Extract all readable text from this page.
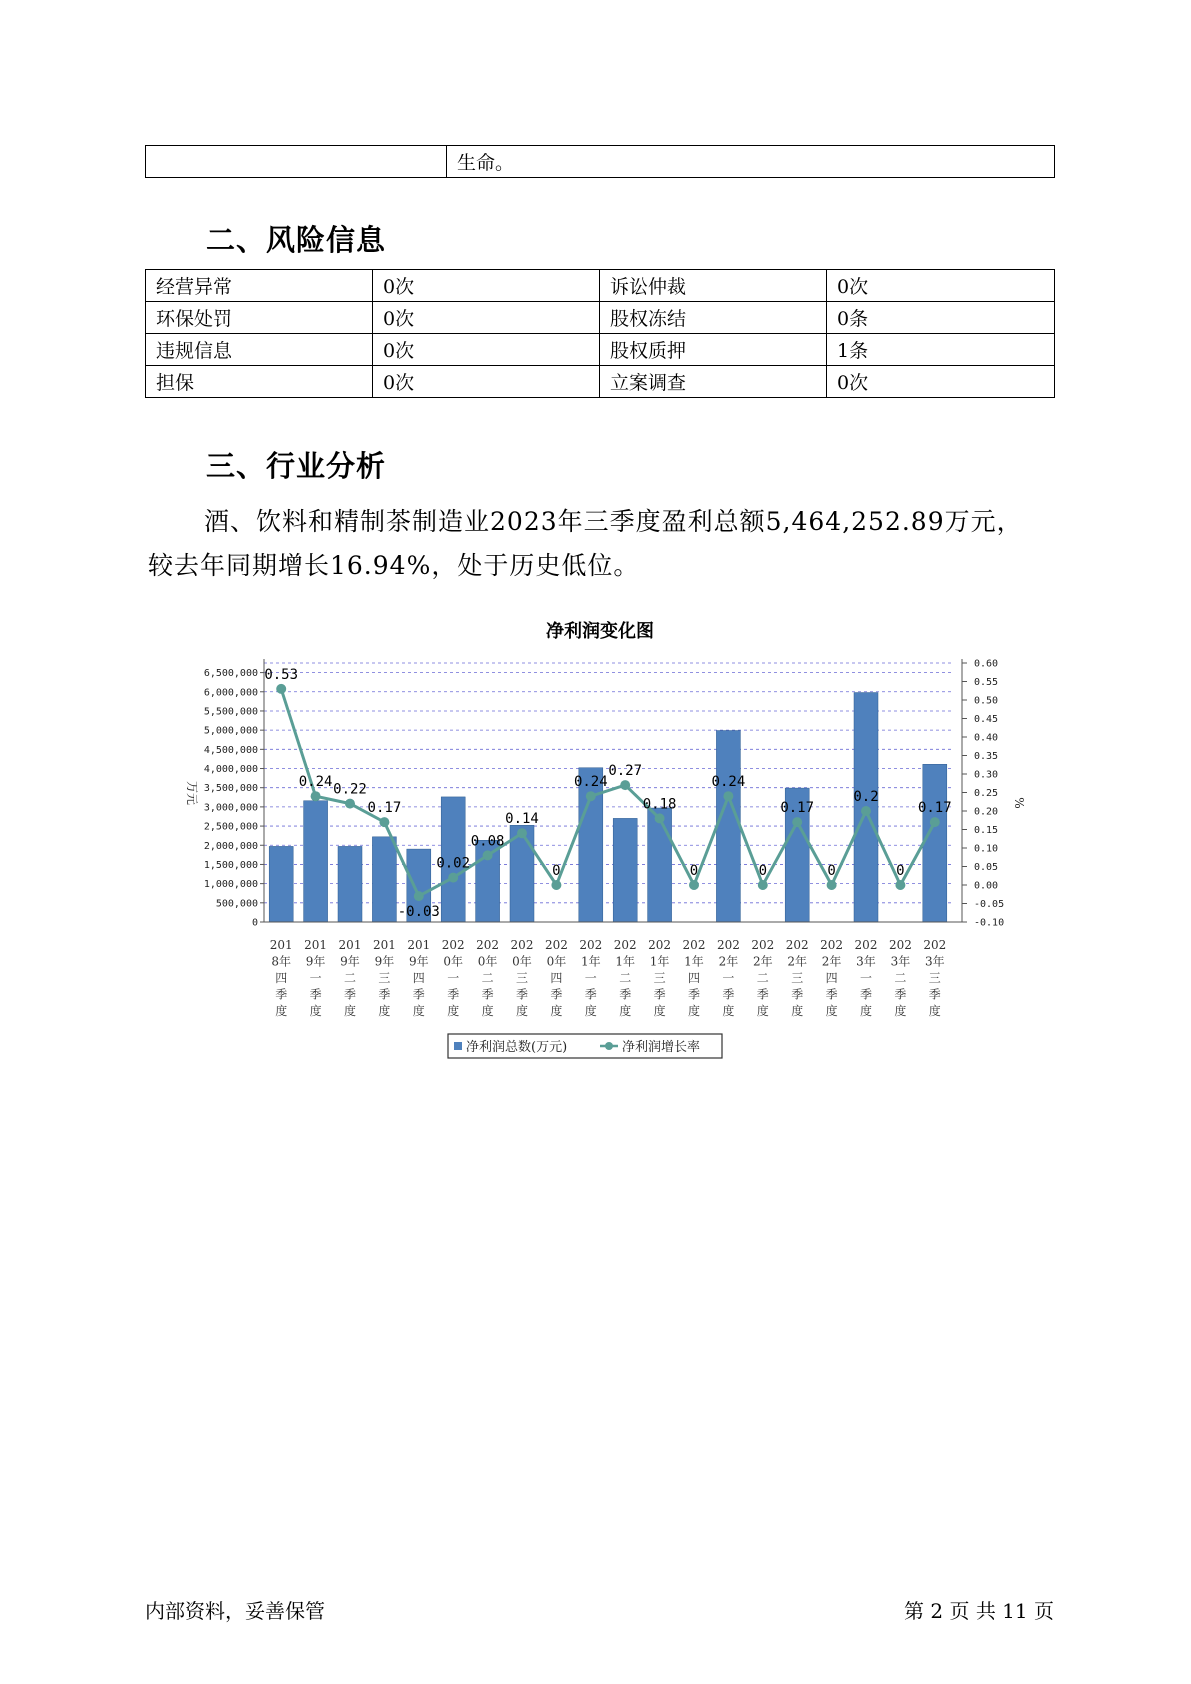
	生命。
二、风险信息
经营异常	0次	诉讼仲裁	0次
环保处罚	0次	股权冻结	0条
违规信息	0次	股权质押	1条
担保	0次	立案调查	0次
三、行业分析

酒、饮料和精制茶制造业2023年三季度盈利总额5,464,252.89万元，

较去年同期增长16.94%，处于历史低位。

净利润变化图
0
500,000
1,000,000
1,500,000
2,000,000
2,500,000
3,000,000
3,500,000
4,000,000
4,500,000
5,000,000
5,500,000
6,000,000
6,500,000
-0.10
-0.05
0.00
0.05
0.10
0.15
0.20
0.25
0.30
0.35
0.40
0.45
0.50
0.55
0.60
万元	%
0.53
0.24 0.22
0.17
-0.03
0.02
0.08
0.14
0
0.24
0.27
0.18
0
0.24
0
0.17
0
0.2
0
0.17
201 8年四季度
201 9年一季度
201 9年二季度
201 9年三季度
201 9年四季度
202 0年一季度
202 0年二季度
202 0年三季度
202 0年四季度
202 1年一季度
202 1年二季度
202 1年三季度
202 1年四季度
202 2年一季度
202 2年二季度
202 2年三季度
202 2年四季度
202 3年一季度
202 3年二季度
202 3年三季度
净利润总数(万元)	净利润增长率
内部资料，妥善保管	第 2 页 共 11 页
